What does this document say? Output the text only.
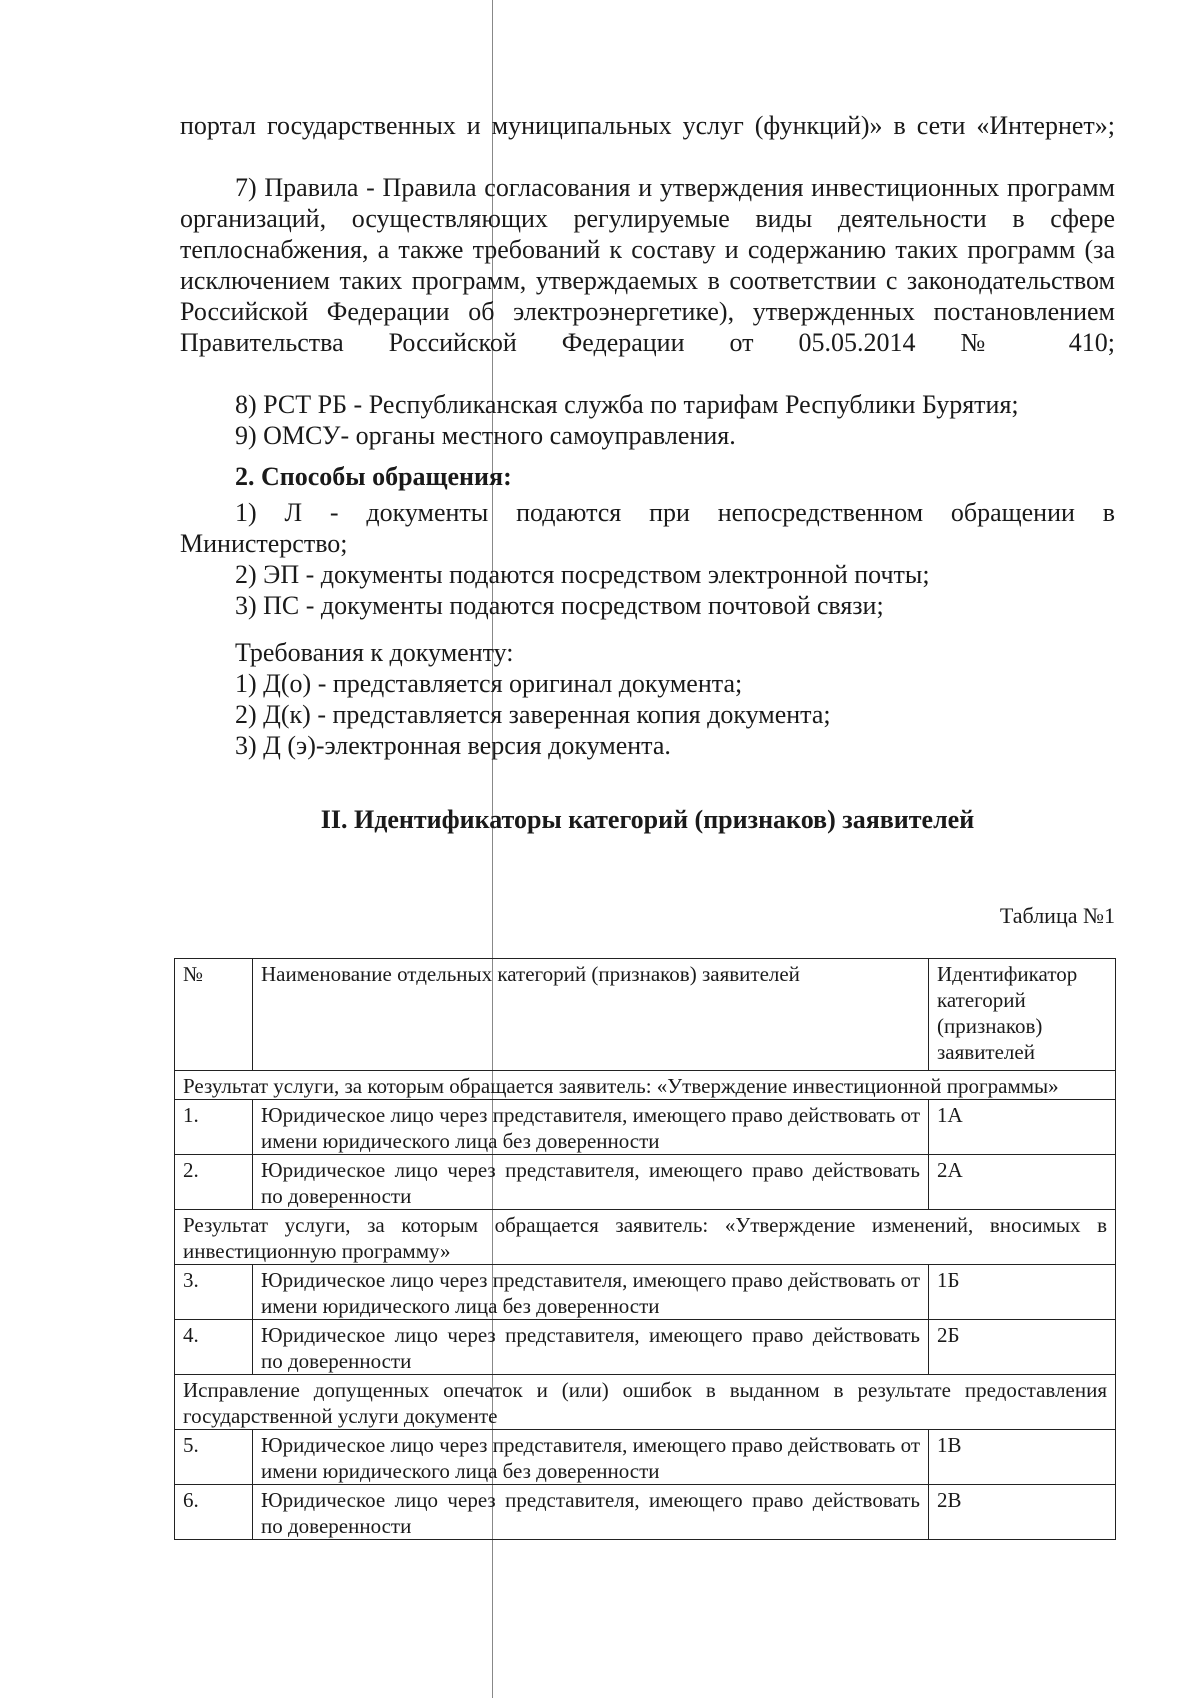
портал государственных и муниципальных услуг (функций)» в сети «Интернет»;

7) Правила - Правила согласования и утверждения инвестиционных программ организаций, осуществляющих регулируемые виды деятельности в сфере теплоснабжения, а также требований к составу и содержанию таких программ (за исключением таких программ, утверждаемых в соответствии с законодательством Российской Федерации об электроэнергетике), утвержденных постановлением Правительства Российской Федерации от 05.05.2014 № 410;

8) РСТ РБ - Республиканская служба по тарифам Республики Бурятия;

9) ОМСУ- органы местного самоуправления.

2. Способы обращения:

1) Л - документы подаются при непосредственном обращении в Министерство;

2) ЭП - документы подаются посредством электронной почты;

3) ПС - документы подаются посредством почтовой связи;

Требования к документу:

1) Д(о) - представляется оригинал документа;

2) Д(к) - представляется заверенная копия документа;

3) Д (э)-электронная версия документа.

II. Идентификаторы категорий (признаков) заявителей

Таблица №1

№	Наименование отдельных категорий (признаков) заявителей	Идентификатор категорий (признаков) заявителей
Результат услуги, за которым обращается заявитель: «Утверждение инвестиционной программы»		
1.	Юридическое лицо через представителя, имеющего право действовать от имени юридического лица без доверенности	1А
2.	Юридическое лицо через представителя, имеющего право действовать по доверенности	2А
Результат услуги, за которым обращается заявитель: «Утверждение изменений, вносимых в инвестиционную программу»		
3.	Юридическое лицо через представителя, имеющего право действовать от имени юридического лица без доверенности	1Б
4.	Юридическое лицо через представителя, имеющего право действовать по доверенности	2Б
Исправление допущенных опечаток и (или) ошибок в выданном в результате предоставления государственной услуги документе		
5.	Юридическое лицо через представителя, имеющего право действовать от имени юридического лица без доверенности	1В
6.	Юридическое лицо через представителя, имеющего право действовать по доверенности	2В
